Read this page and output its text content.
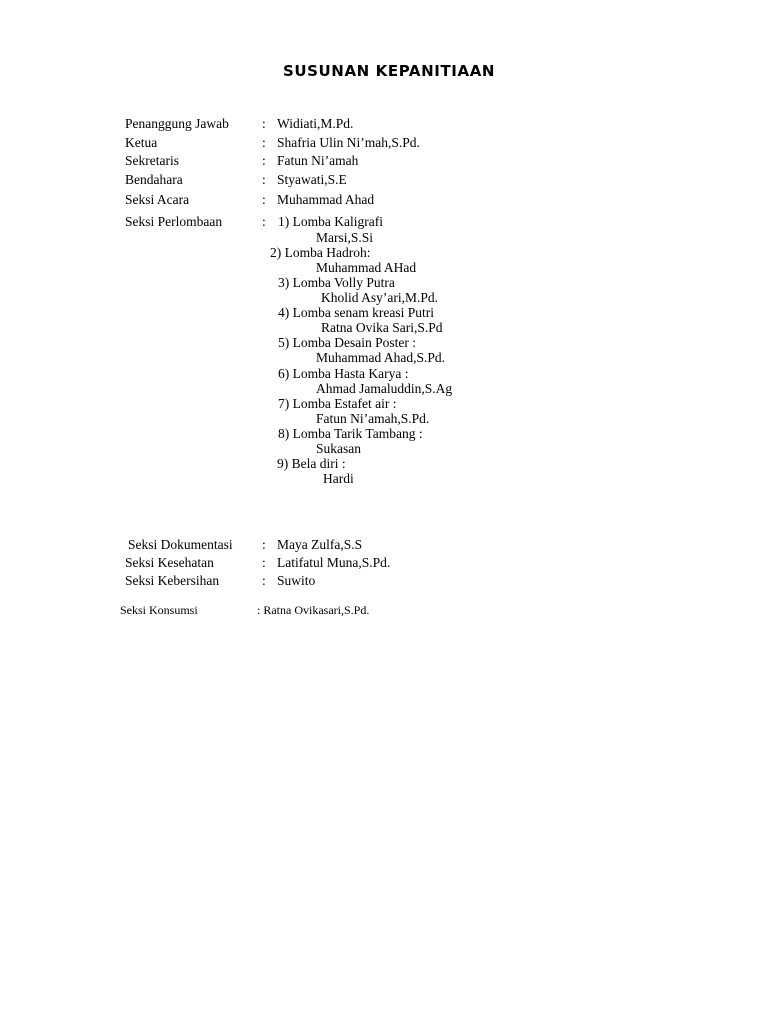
SUSUNAN KEPANITIAAN
Penanggung Jawab : Widiati,M.Pd.
Ketua	: Shafria Ulin Ni’mah,S.Pd.
Sekretaris	: Fatun Ni’amah
Bendahara	: Styawati,S.E
Seksi Acara	: Muhammad Ahad
Seksi Perlombaan	: 1) Lomba Kaligrafi
Marsi,S.Si
2) Lomba Hadroh:
Muhammad AHad
3) Lomba Volly Putra
Kholid Asy’ari,M.Pd.
4) Lomba senam kreasi Putri
Ratna Ovika Sari,S.Pd
5) Lomba Desain Poster :
Muhammad Ahad,S.Pd.
6) Lomba Hasta Karya :
Ahmad Jamaluddin,S.Ag
7) Lomba Estafet air :
Fatun Ni’amah,S.Pd.
8) Lomba Tarik Tambang :
Sukasan
9) Bela diri :
Hardi
Seksi Dokumentasi : Maya Zulfa,S.S
Seksi Kesehatan	: Latifatul Muna,S.Pd.
Seksi Kebersihan	: Suwito
Seksi Konsumsi	: Ratna Ovikasari,S.Pd.
